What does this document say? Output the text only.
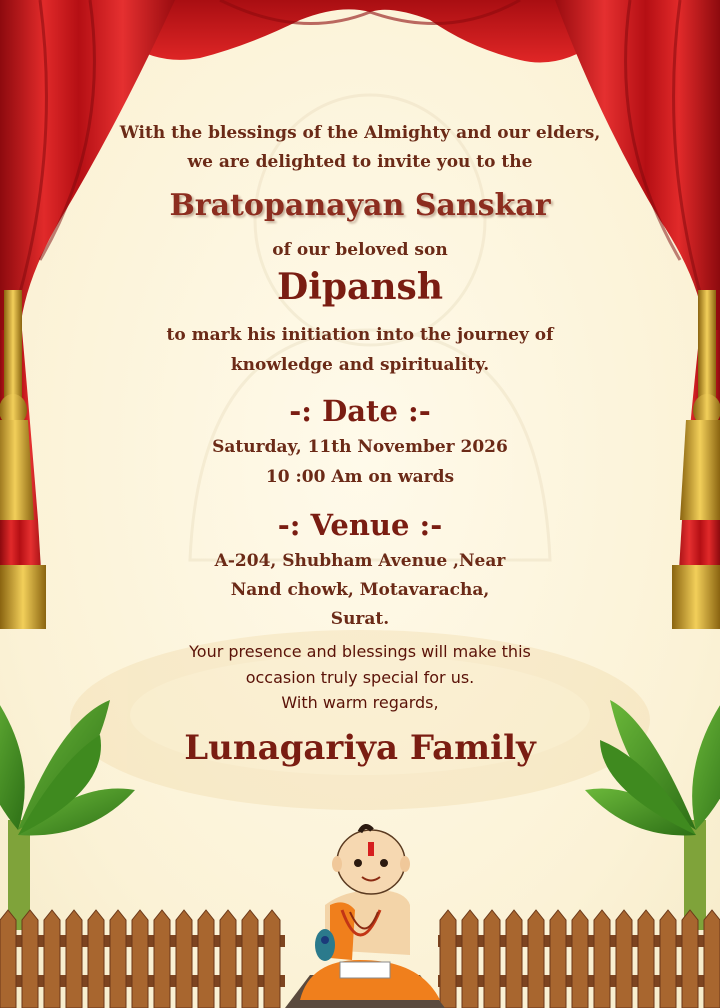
With the blessings of the Almighty and our elders,
we are delighted to invite you to the
Bratopanayan Sanskar
of our beloved son
Dipansh
to mark his initiation into the journey of
knowledge and spirituality.
-: Date :-
Saturday, 11th November 2026
10 :00 Am on wards
-: Venue :-
A-204, Shubham Avenue ,Near
Nand chowk, Motavaracha,
Surat.
Your presence and blessings will make this
occasion truly special for us.
With warm regards,
Lunagariya Family
